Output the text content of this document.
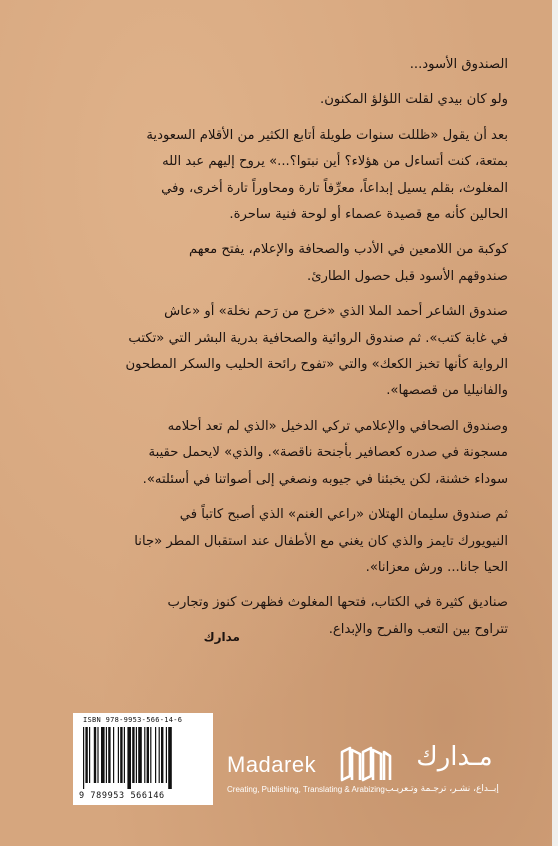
الصندوق الأسود...

ولو كان بيدي لقلت اللؤلؤ المكنون.

بعد أن يقول «ظللت سنوات طويلة أتابع الكثير من الأقلام السعودية
بمتعة، كنت أتساءل من هؤلاء؟ أين نبتوا؟...» يروح إليهم عبد الله
المغلوث، بقلم يسيل إبداعاً، معرِّفاً تارة ومحاوراً تارة أخرى، وفي
الحالين كأنه مع قصيدة عصماء أو لوحة فنية ساحرة.

كوكبة من اللامعين في الأدب والصحافة والإعلام، يفتح معهم
صندوقهم الأسود قبل حصول الطارئ.

صندوق الشاعر أحمد الملا الذي «خرج من رَحم نخلة» أو «عاش
في غابة كتب». ثم صندوق الروائية والصحافية بدرية البشر التي «تكتب
الرواية كأنها تخبز الكعك» والتي «تفوح رائحة الحليب والسكر المطحون
والفانيليا من قصصها».

وصندوق الصحافي والإعلامي تركي الدخيل «الذي لم تعد أحلامه
مسجونة في صدره كعصافير بأجنحة ناقصة». والذي» لايحمل حقيبة
سوداء خشنة، لكن يخبئنا في جيوبه ونصغي إلى أصواتنا في أسئلته».

ثم صندوق سليمان الهتلان «راعي الغنم» الذي أصبح كاتباً في
النيويورك تايمز والذي كان يغني مع الأطفال عند استقبال المطر «جانا
الحيا جانا... ورش معزانا».

صناديق كثيرة في الكتاب، فتحها المغلوث فظهرت كنوز وتجارب
تتراوح بين التعب والفرح والإبداع.

مدارك
ISBN 978-9953-566-14-6
9 789953 566146
Madarek	مـدارك
Creating, Publishing, Translating & Arabizing إبــداع، نشـر، ترجـمة وتـعريـب
